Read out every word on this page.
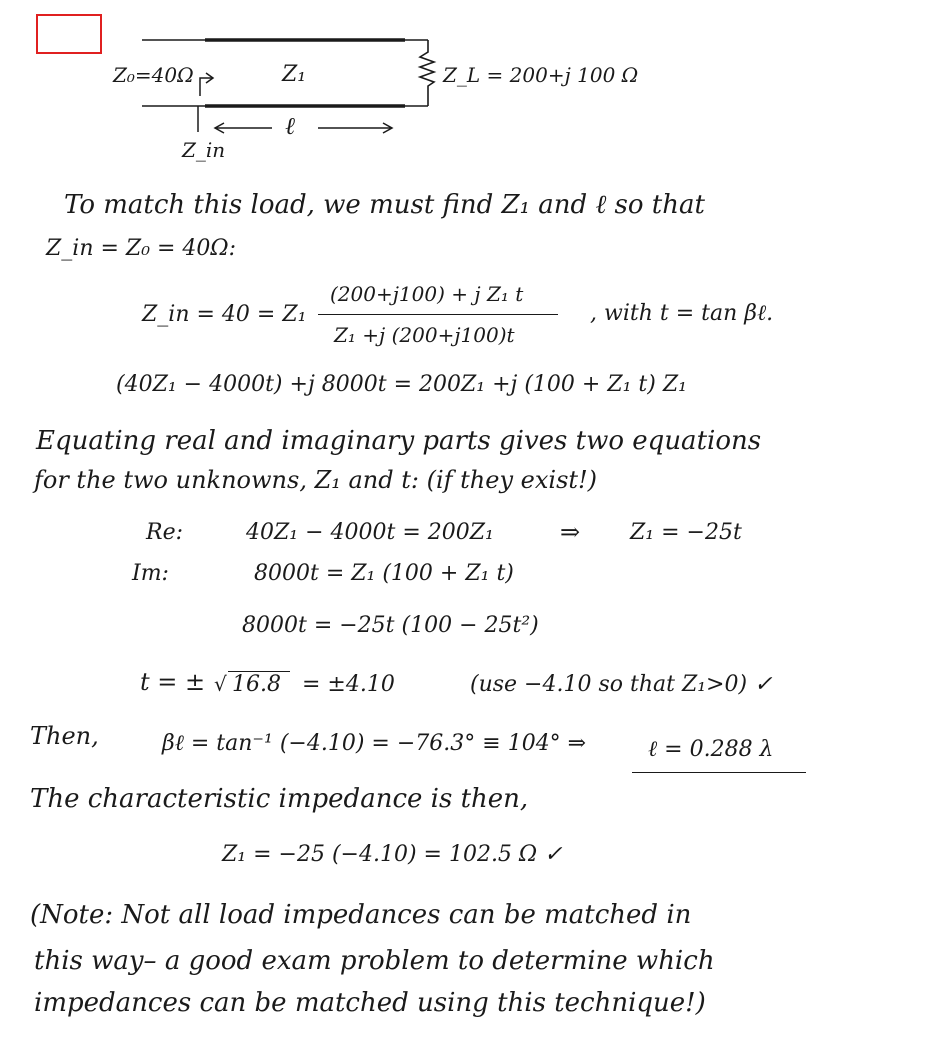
Z₀=40Ω	Z₁	Z_L = 200+j 100 Ω
ℓ
Z_in
To match this load, we must find Z₁ and ℓ so that
Z_in = Z₀ = 40Ω:
Z_in = 40 = Z₁
(200+j100) + j Z₁ t
Z₁ +j (200+j100)t
, with t = tan βℓ.
(40Z₁ − 4000t) +j 8000t = 200Z₁ +j (100 + Z₁ t) Z₁
Equating real and imaginary parts gives two equations
for the two unknowns, Z₁ and t: (if they exist!)
Re:	40Z₁ − 4000t = 200Z₁	⇒ Z₁ = −25t
Im:	8000t = Z₁ (100 + Z₁ t)
8000t = −25t (100 − 25t²)
t = ± √ 16.8 = ±4.10	(use −4.10 so that Z₁>0) ✓
Then,	βℓ = tan⁻¹ (−4.10) = −76.3° ≡ 104° ⇒	ℓ = 0.288 λ
The characteristic impedance is then,
Z₁ = −25 (−4.10) = 102.5 Ω ✓
(Note: Not all load impedances can be matched in
this way– a good exam problem to determine which
impedances can be matched using this technique!)
